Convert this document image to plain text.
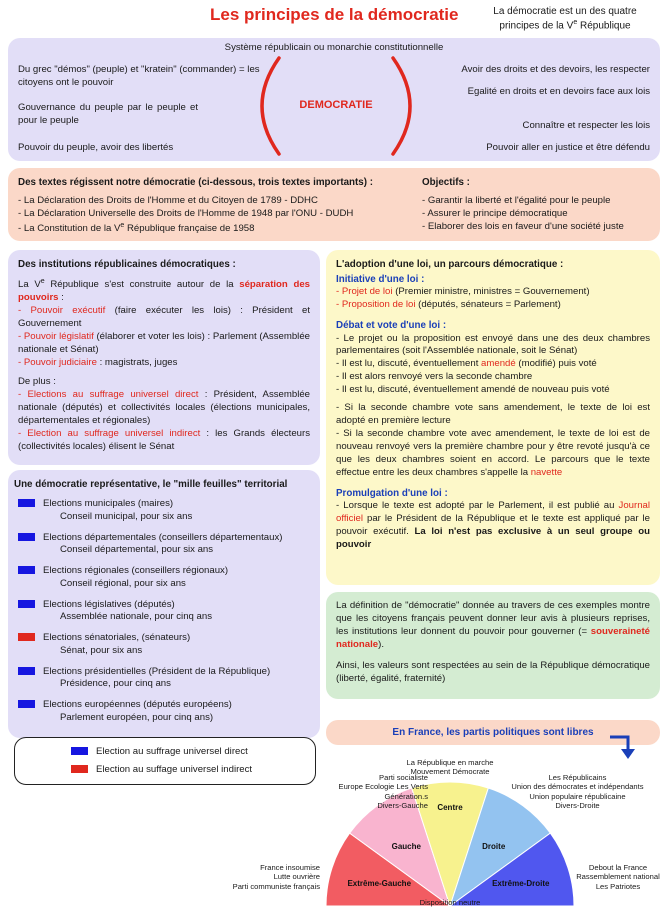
Les principes de la démocratie	La démocratie est un des quatre
principes de la Ve République
Système républicain ou monarchie constitutionnelle
Du grec "démos" (peuple) et "kratein" (commander) = les citoyens ont le pouvoir
Gouvernance du peuple par le peuple et pour le peuple
Pouvoir du peuple, avoir des libertés
DEMOCRATIE
Avoir des droits et des devoirs, les respecter
Egalité en droits et en devoirs face aux lois
Connaître et respecter les lois
Pouvoir aller en justice et être défendu
Des textes régissent notre démocratie (ci-dessous, trois textes importants) :
- La Déclaration des Droits de l'Homme et du Citoyen de 1789 - DDHC
- La Déclaration Universelle des Droits de l'Homme de 1948 par l'ONU - DUDH
- La Constitution de la Ve République française de 1958
Objectifs :
- Garantir la liberté et l'égalité pour le peuple
- Assurer le principe démocratique
- Elaborer des lois en faveur d'une société juste
Des institutions républicaines démocratiques :
La Ve République s'est construite autour de la séparation des pouvoirs :
- Pouvoir exécutif (faire exécuter les lois) : Président et Gouvernement
- Pouvoir législatif (élaborer et voter les lois) : Parlement (Assemblée nationale et Sénat)
- Pouvoir judiciaire : magistrats, juges
De plus :
- Elections au suffrage universel direct : Président, Assemblée nationale (députés) et collectivités locales (élections municipales, départementales et régionales)
- Election au suffrage universel indirect : les Grands électeurs (collectivités locales) élisent le Sénat
L'adoption d'une loi, un parcours démocratique :
Initiative d'une loi :
- Projet de loi (Premier ministre, ministres = Gouvernement)
- Proposition de loi (députés, sénateurs = Parlement)
Débat et vote d'une loi :
- Le projet ou la proposition est envoyé dans une des deux chambres parlementaires (soit l'Assemblée nationale, soit le Sénat)
- Il est lu, discuté, éventuellement amendé (modifié) puis voté
- Il est alors renvoyé vers la seconde chambre
- Il est lu, discuté, éventuellement amendé de nouveau puis voté
- Si la seconde chambre vote sans amendement, le texte de loi est adopté en première lecture
- Si la seconde chambre vote avec amendement, le texte de loi est de nouveau renvoyé vers la première chambre pour y être revoté jusqu'à ce que les deux chambres soient en accord. Le parcours que le texte effectue entre les deux chambres s'appelle la navette
Promulgation d'une loi :
- Lorsque le texte est adopté par le Parlement, il est publié au Journal officiel par le Président de la République et le texte est appliqué par le pouvoir exécutif. La loi n'est pas exclusive à un seul groupe ou pouvoir
Une démocratie représentative, le "mille feuilles" territorial
Elections municipales (maires)
Conseil municipal, pour six ans
Elections départementales (conseillers départementaux)
Conseil départemental, pour six ans
Elections régionales (conseillers régionaux)
Conseil régional, pour six ans
Elections législatives (députés)
Assemblée nationale, pour cinq ans
Elections sénatoriales, (sénateurs)
Sénat, pour six ans
Elections présidentielles (Président de la République)
Présidence, pour cinq ans
Elections européennes (députés européens)
Parlement européen, pour cinq ans)
Election au suffrage universel direct
Election au suffage universel indirect
La définition de "démocratie" donnée au travers de ces exemples montre que les citoyens français peuvent donner leur avis à plusieurs reprises, les institutions leur donnent du pouvoir pour gouverner (= souveraineté nationale).
Ainsi, les valeurs sont respectées au sein de la République démocratique (liberté, égalité, fraternité)
En France, les partis politiques sont libres
Extrême-Gauche
Gauche
Centre
Droite
Extrême-Droite
Parti socialiste
Europe Ecologie Les Verts
Génération.s
Divers-Gauche
La République en marche
Mouvement Démocrate
Les Républicains
Union des démocrates et indépendants
Union populaire républicaine
Divers-Droite
France insoumise
Lutte ouvrière
Parti communiste français
Debout la France
Rassemblement national
Les Patriotes
Disposition neutre
